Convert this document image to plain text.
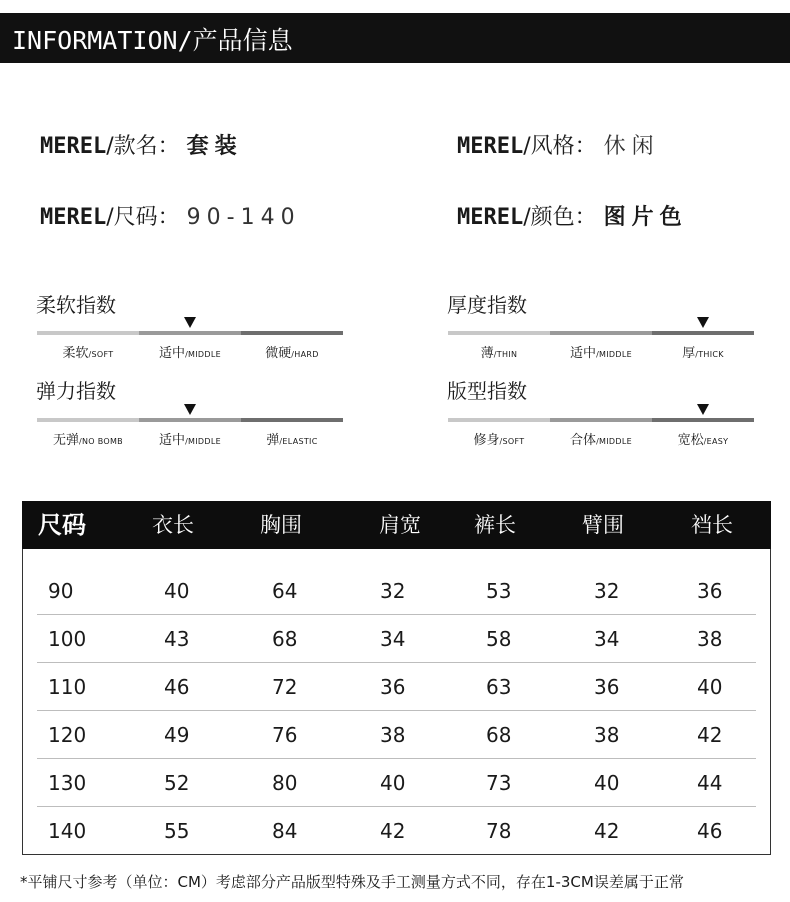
INFORMATION/产品信息
MEREL/款名： 套装	MEREL/风格： 休闲
MEREL/尺码： 90-140	MEREL/颜色： 图片色
柔软指数
柔软/SOFT	适中/MIDDLE	微硬/HARD
厚度指数
薄/THIN	适中/MIDDLE	厚/THICK
弹力指数
无弹/NO BOMB	适中/MIDDLE	弹/ELASTIC
版型指数
修身/SOFT	合体/MIDDLE	宽松/EASY
尺码	衣长	胸围	肩宽	裤长	臂围	裆长
90	40	64	32	53	32	36
100	43	68	34	58	34	38
110	46	72	36	63	36	40
120	49	76	38	68	38	42
130	52	80	40	73	40	44
140	55	84	42	78	42	46
*平铺尺寸参考（单位：CM）考虑部分产品版型特殊及手工测量方式不同，存在1-3CM误差属于正常
